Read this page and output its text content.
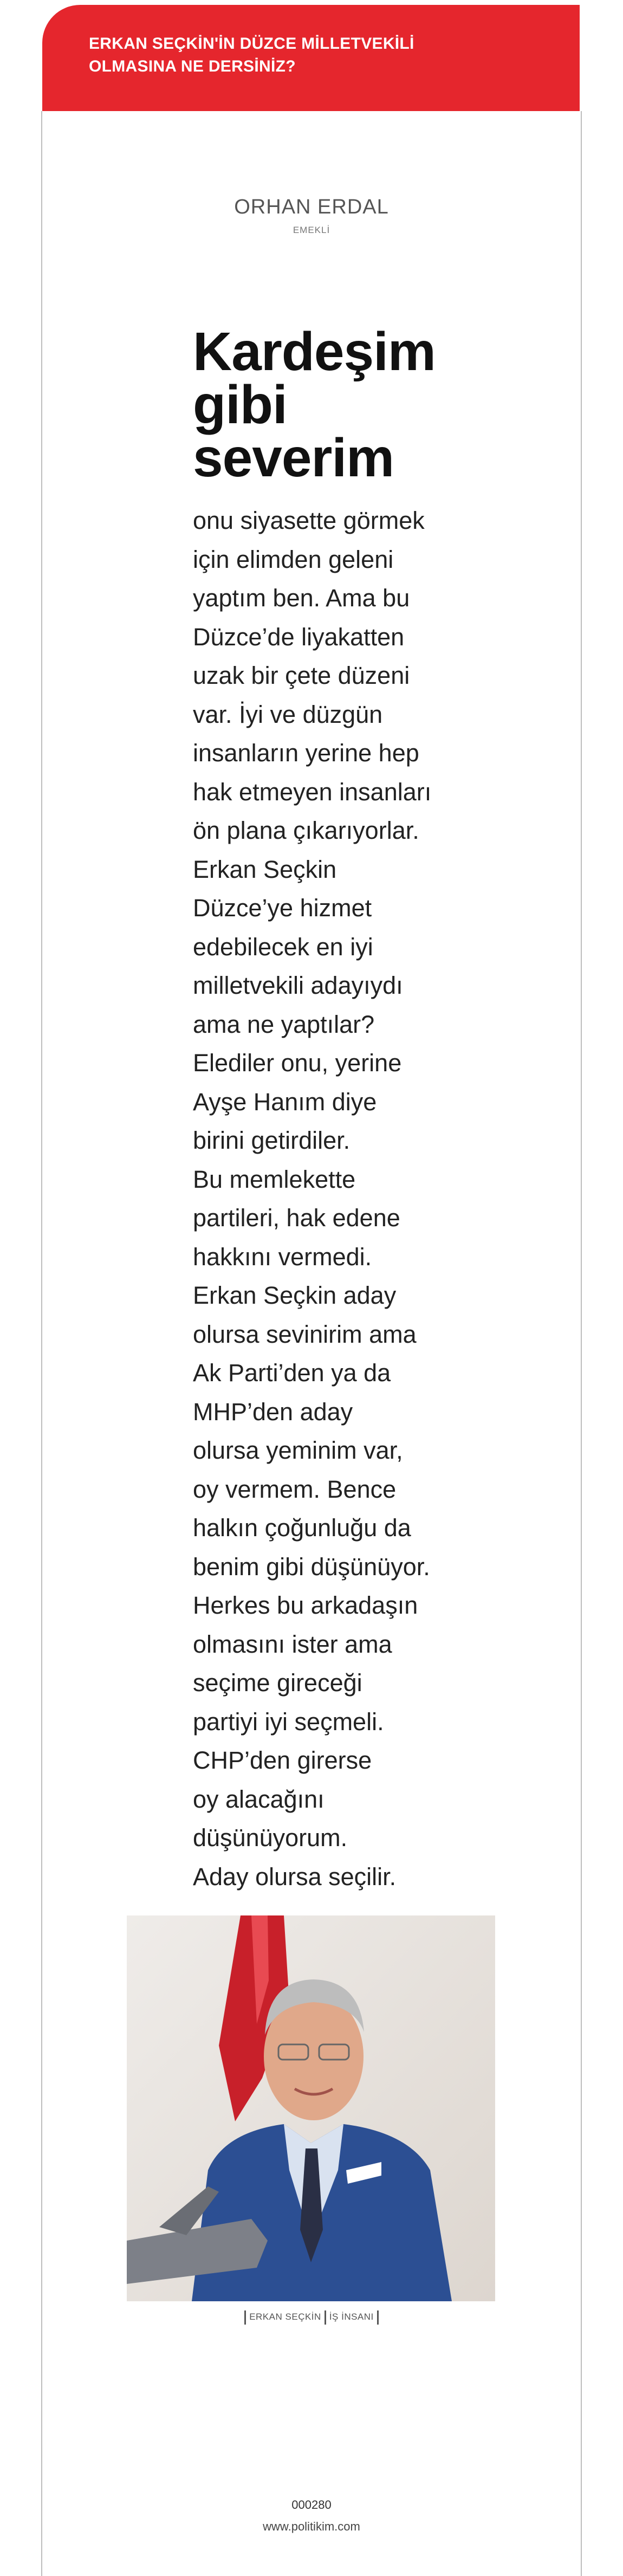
ERKAN SEÇKİN'İN DÜZCE MİLLETVEKİLİ
OLMASINA NE DERSİNİZ?
ORHAN ERDAL
EMEKLİ
Kardeşim
gibi
severim
onu siyasette görmek
için elimden geleni
yaptım ben. Ama bu
Düzce’de liyakatten
uzak bir çete düzeni
var. İyi ve düzgün
insanların yerine hep
hak etmeyen insanları
ön plana çıkarıyorlar.
Erkan Seçkin
Düzce’ye hizmet
edebilecek en iyi
milletvekili adayıydı
ama ne yaptılar?
Elediler onu, yerine
Ayşe Hanım diye
birini getirdiler.
Bu memlekette
partileri, hak edene
hakkını vermedi.
Erkan Seçkin aday
olursa sevinirim ama
Ak Parti’den ya da
MHP’den aday
olursa yeminim var,
oy vermem. Bence
halkın çoğunluğu da
benim gibi düşünüyor.
Herkes bu arkadaşın
olmasını ister ama
seçime gireceği
partiyi iyi seçmeli.
CHP’den girerse
oy alacağını
düşünüyorum.
Aday olursa seçilir.
ERKAN SEÇKİN İŞ İNSANI
000280
www.politikim.com
